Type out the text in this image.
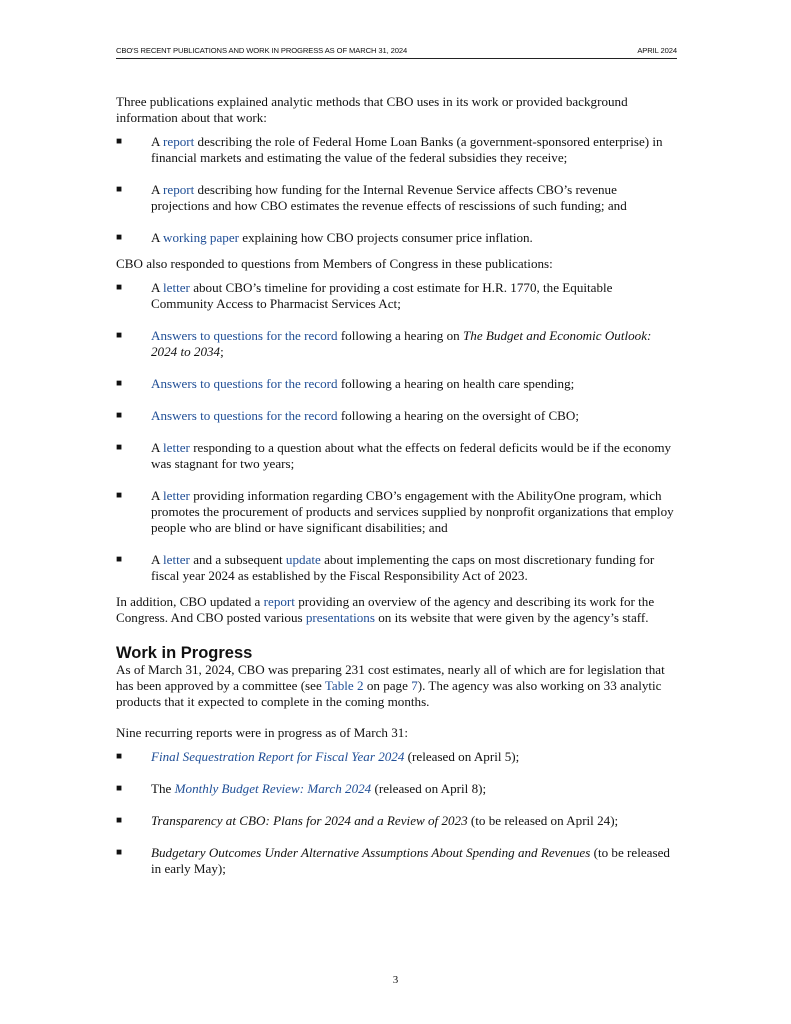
CBO'S RECENT PUBLICATIONS AND WORK IN PROGRESS AS OF MARCH 31, 2024	APRIL 2024

Three publications explained analytic methods that CBO uses in its work or provided background information about that work:

■ A report describing the role of Federal Home Loan Banks (a government-sponsored enterprise) in financial markets and estimating the value of the federal subsidies they receive;
■ A report describing how funding for the Internal Revenue Service affects CBO’s revenue projections and how CBO estimates the revenue effects of rescissions of such funding; and
■ A working paper explaining how CBO projects consumer price inflation.

CBO also responded to questions from Members of Congress in these publications:

■ A letter about CBO’s timeline for providing a cost estimate for H.R. 1770, the Equitable Community Access to Pharmacist Services Act;
■ Answers to questions for the record following a hearing on The Budget and Economic Outlook: 2024 to 2034;
■ Answers to questions for the record following a hearing on health care spending;
■ Answers to questions for the record following a hearing on the oversight of CBO;
■ A letter responding to a question about what the effects on federal deficits would be if the economy was stagnant for two years;
■ A letter providing information regarding CBO’s engagement with the AbilityOne program, which promotes the procurement of products and services supplied by nonprofit organizations that employ people who are blind or have significant disabilities; and
■ A letter and a subsequent update about implementing the caps on most discretionary funding for fiscal year 2024 as established by the Fiscal Responsibility Act of 2023.

In addition, CBO updated a report providing an overview of the agency and describing its work for the Congress. And CBO posted various presentations on its website that were given by the agency’s staff.

Work in Progress

As of March 31, 2024, CBO was preparing 231 cost estimates, nearly all of which are for legislation that has been approved by a committee (see Table 2 on page 7). The agency was also working on 33 analytic products that it expected to complete in the coming months.

Nine recurring reports were in progress as of March 31:

■ Final Sequestration Report for Fiscal Year 2024 (released on April 5);
■ The Monthly Budget Review: March 2024 (released on April 8);
■ Transparency at CBO: Plans for 2024 and a Review of 2023 (to be released on April 24);
■ Budgetary Outcomes Under Alternative Assumptions About Spending and Revenues (to be released in early May);
3
